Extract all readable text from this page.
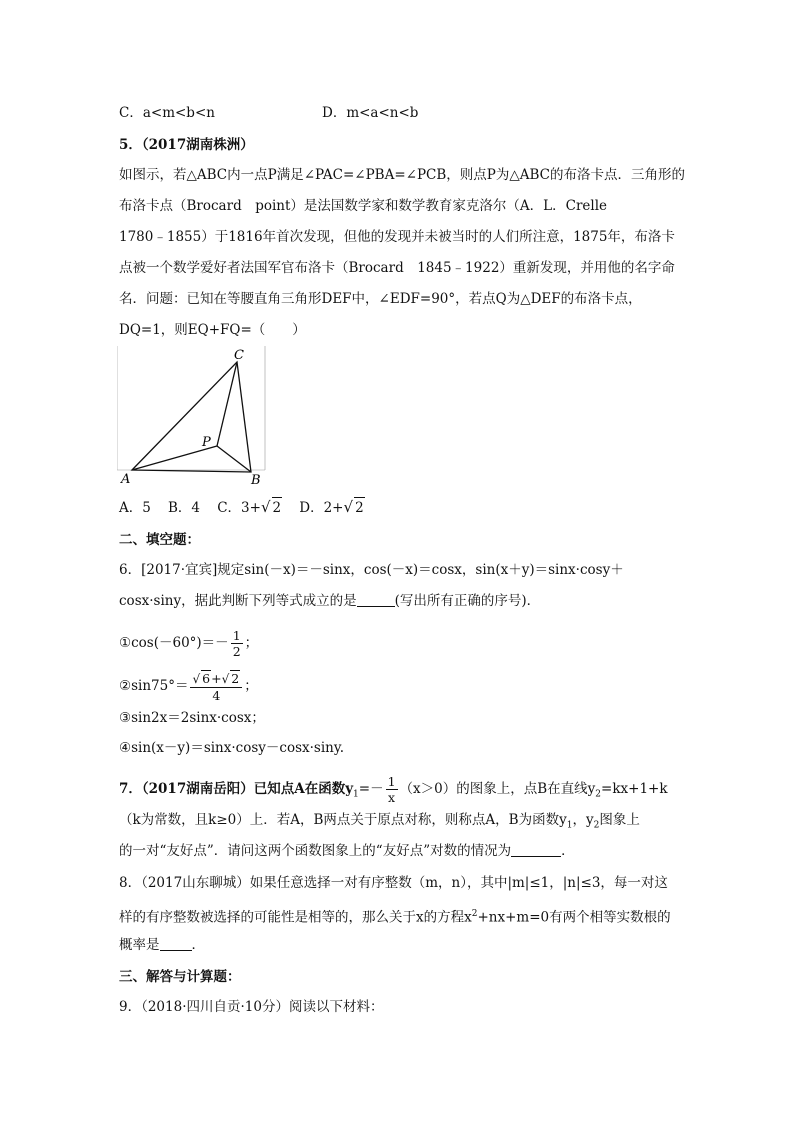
C．a<m<b<n	D．m<a<n<b
5．（2017湖南株洲）
如图示，若△ABC内一点P满足∠PAC=∠PBA=∠PCB，则点P为△ABC的布洛卡点．三角形的
布洛卡点（Brocard　point）是法国数学家和数学教育家克洛尔（A．L．Crelle
1780﹣1855）于1816年首次发现，但他的发现并未被当时的人们所注意，1875年，布洛卡
点被一个数学爱好者法国军官布洛卡（Brocard　1845﹣1922）重新发现，并用他的名字命
名．问题：已知在等腰直角三角形DEF中，∠EDF=90°，若点Q为△DEF的布洛卡点，
DQ=1，则EQ+FQ=（　　）
A	B
C
P
A．5 B．4 C．3+√ 2 D．2+√ 2
二、填空题：
6．[2017·宜宾]规定sin(－x)＝－sinx，cos(－x)＝cosx，sin(x＋y)＝sinx·cosy＋
cosx·siny，据此判断下列等式成立的是	(写出所有正确的序号)．
①cos(－60°)＝－ $\frac{1}{2}$ ；
②sin75°＝ $\frac{√ 6+√ 2}{4}$ ；
③sin2x＝2sinx·cosx；
④sin(x－y)＝sinx·cosy－cosx·siny.
7．（2017湖南岳阳）已知点A在函数$y_1=- \frac{1}{x} (x>0)$的图象上，点B在直线$y_2=kx+1+k$
（k为常数，且k≥0）上．若A，B两点关于原点对称，则称点A，B为函数$y_1$，$y_2$图象上
的一对“友好点”．请问这两个函数图象上的“友好点”对数的情况为	．
8．（2017山东聊城）如果任意选择一对有序整数（m，n），其中|m|≤1，|n|≤3，每一对这
样的有序整数被选择的可能性是相等的，那么关于x的方程$x^2+nx+m=0$有两个相等实数根的
概率是 ．
三、解答与计算题：
9．（2018·四川自贡·10分）阅读以下材料：
